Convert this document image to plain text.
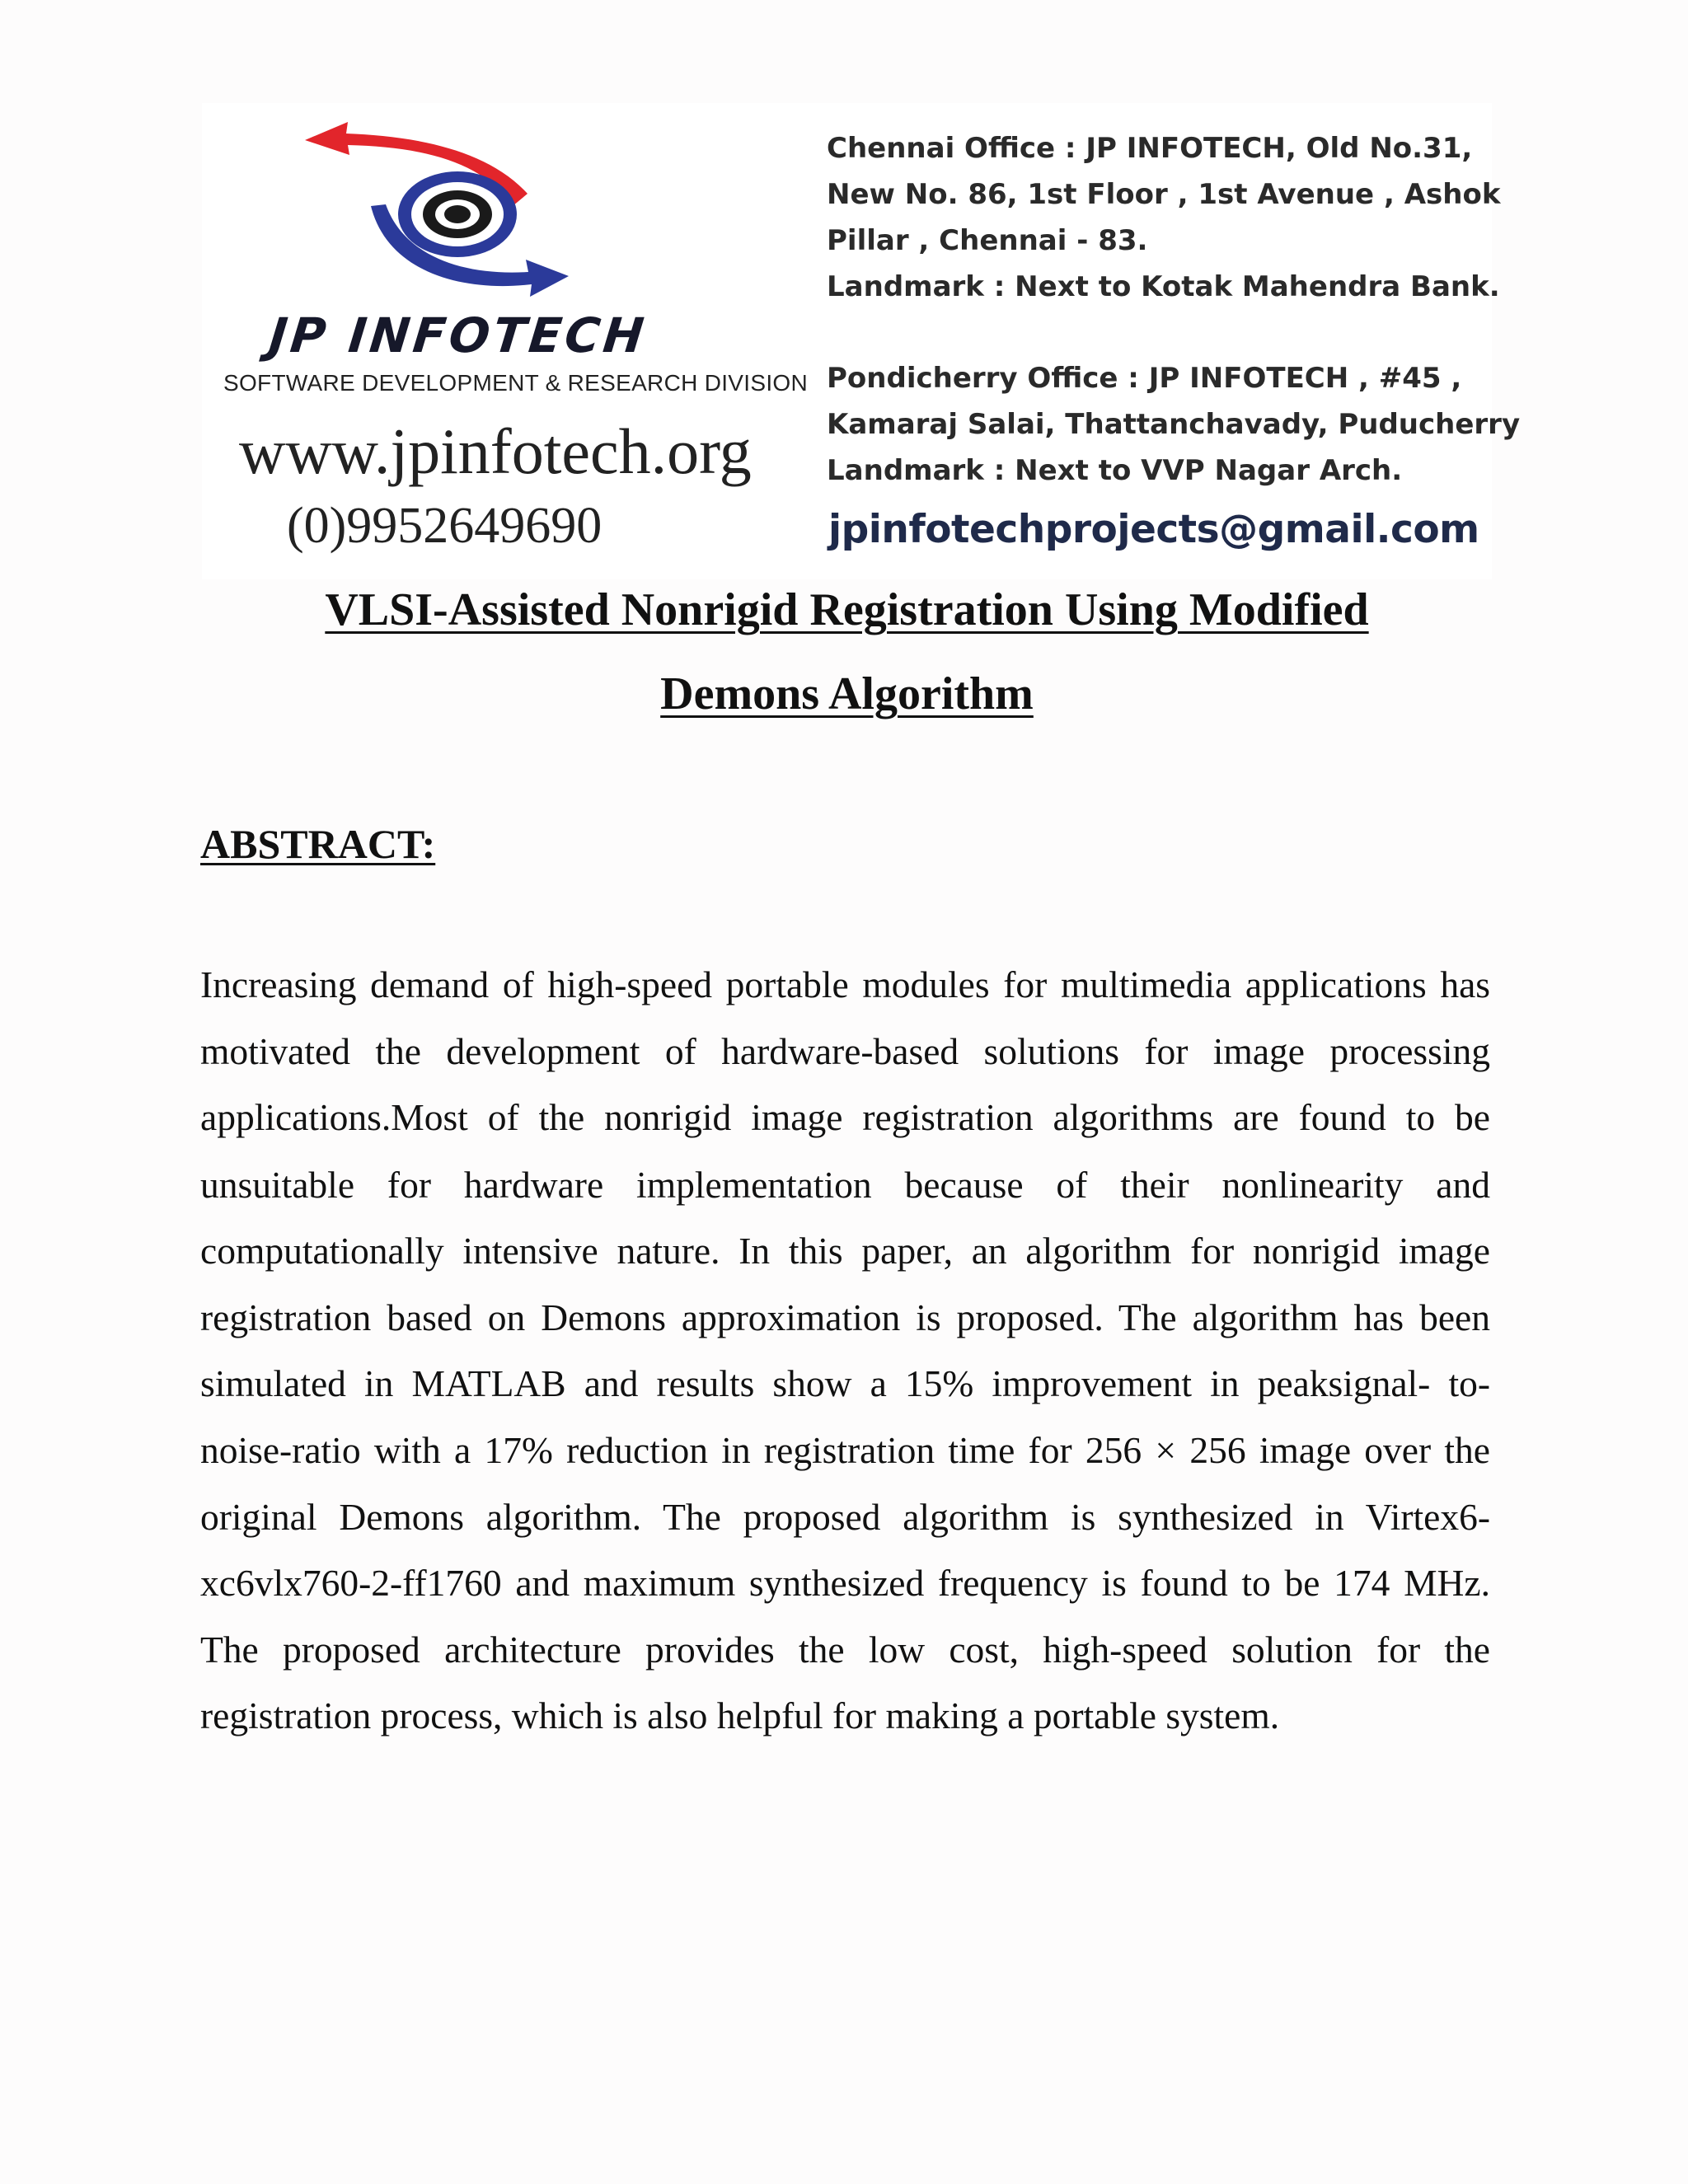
JP INFOTECH
SOFTWARE DEVELOPMENT & RESEARCH DIVISION
www.jpinfotech.org
(0)9952649690
Chennai Office : JP INFOTECH, Old No.31,
New No. 86, 1st Floor , 1st Avenue , Ashok
Pillar , Chennai - 83.
Landmark : Next to Kotak Mahendra Bank.
Pondicherry Office : JP INFOTECH , #45 ,
Kamaraj Salai, Thattanchavady, Puducherry
Landmark : Next to VVP Nagar Arch.
jpinfotechprojects@gmail.com
VLSI-Assisted Nonrigid Registration Using Modified
Demons Algorithm
ABSTRACT:
Increasing demand of high-speed portable modules for multimedia applications has
motivated the development of hardware-based solutions for image processing
applications.Most of the nonrigid image registration algorithms are found to be
unsuitable for hardware implementation because of their nonlinearity and
computationally intensive nature. In this paper, an algorithm for nonrigid image
registration based on Demons approximation is proposed. The algorithm has been
simulated in MATLAB and results show a 15% improvement in peaksignal- to-
noise-ratio with a 17% reduction in registration time for 256 × 256 image over the
original Demons algorithm. The proposed algorithm is synthesized in Virtex6-
xc6vlx760-2-ff1760 and maximum synthesized frequency is found to be 174 MHz.
The proposed architecture provides the low cost, high-speed solution for the
registration process, which is also helpful for making a portable system.
